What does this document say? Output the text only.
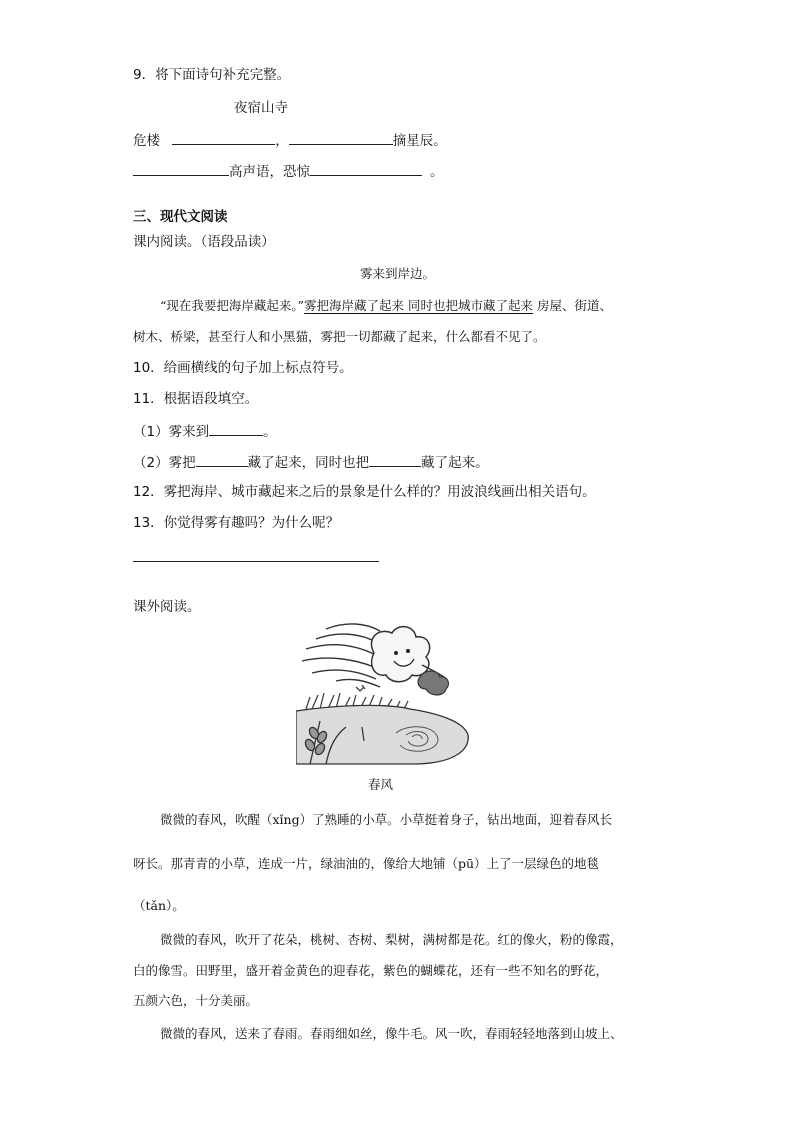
9．将下面诗句补充完整。
夜宿山寺
危楼	，	摘星辰。
高声语，恐惊	。
三、现代文阅读
课内阅读。（语段品读）
雾来到岸边。
“现在我要把海岸藏起来。”雾把海岸藏了起来 同时也把城市藏了起来 房屋、街道、
树木、桥梁，甚至行人和小黑猫，雾把一切都藏了起来，什么都看不见了。
10．给画横线的句子加上标点符号。
11．根据语段填空。
（1）雾来到	。
（2）雾把	藏了起来，同时也把	藏了起来。
12．雾把海岸、城市藏起来之后的景象是什么样的？用波浪线画出相关语句。
13．你觉得雾有趣吗？为什么呢？
课外阅读。
春风
微微的春风，吹醒（xǐng）了熟睡的小草。小草挺着身子，钻出地面，迎着春风长
呀长。那青青的小草，连成一片，绿油油的，像给大地铺（pū）上了一层绿色的地毯
（tǎn）。
微微的春风，吹开了花朵，桃树、杏树、梨树，满树都是花。红的像火，粉的像霞，
白的像雪。田野里，盛开着金黄色的迎春花，紫色的蝴蝶花，还有一些不知名的野花，
五颜六色，十分美丽。
微微的春风，送来了春雨。春雨细如丝，像牛毛。风一吹，春雨轻轻地落到山坡上、
